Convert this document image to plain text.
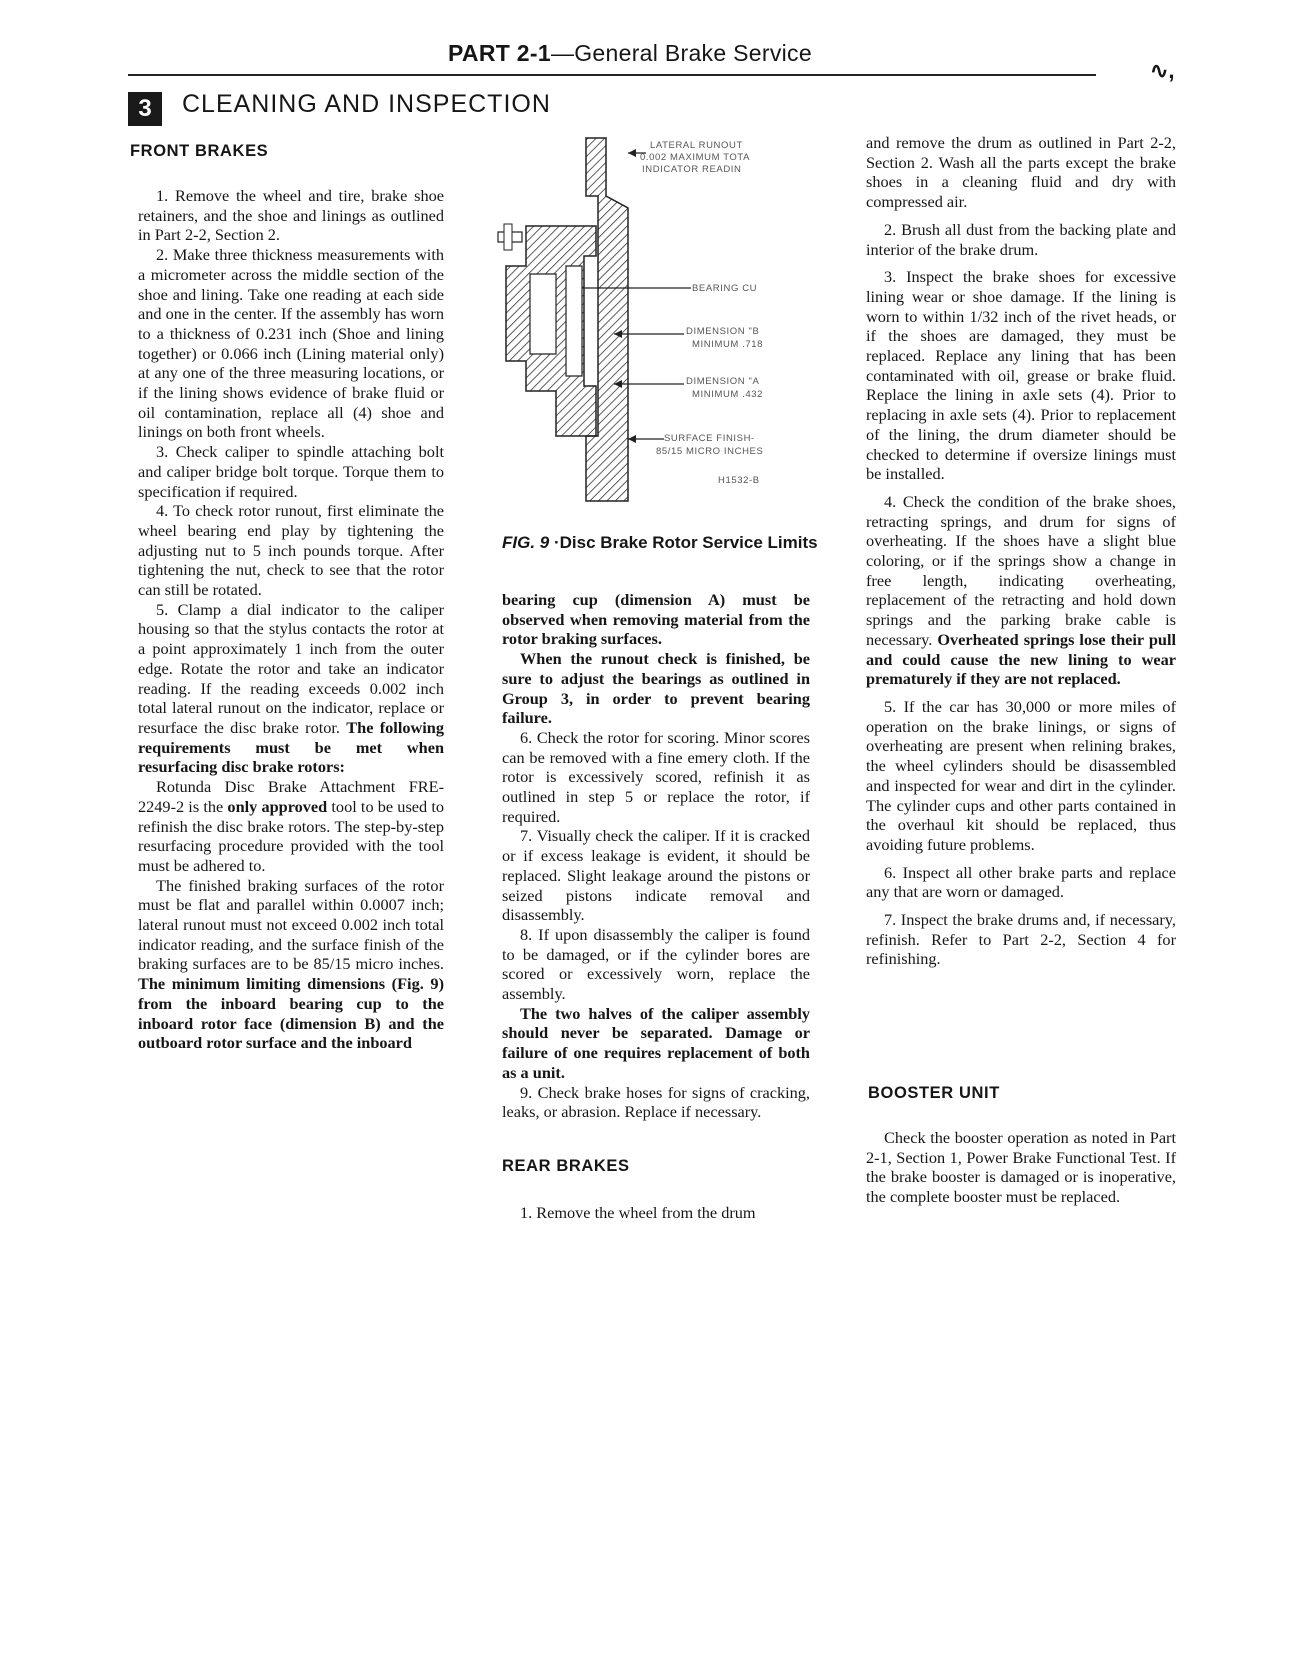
PART 2-1—General Brake Service
∿,
3	CLEANING AND INSPECTION
FRONT BRAKES

1. Remove the wheel and tire, brake shoe retainers, and the shoe and linings as outlined in Part 2-2, Section 2.

2. Make three thickness measurements with a micrometer across the middle section of the shoe and lining. Take one reading at each side and one in the center. If the assembly has worn to a thickness of 0.231 inch (Shoe and lining together) or 0.066 inch (Lining material only) at any one of the three measuring locations, or if the lining shows evidence of brake fluid or oil contamination, replace all (4) shoe and linings on both front wheels.

3. Check caliper to spindle attaching bolt and caliper bridge bolt torque. Torque them to specification if required.

4. To check rotor runout, first eliminate the wheel bearing end play by tightening the adjusting nut to 5 inch pounds torque. After tightening the nut, check to see that the rotor can still be rotated.

5. Clamp a dial indicator to the caliper housing so that the stylus contacts the rotor at a point approximately 1 inch from the outer edge. Rotate the rotor and take an indicator reading. If the reading exceeds 0.002 inch total lateral runout on the indicator, replace or resurface the disc brake rotor. The following requirements must be met when resurfacing disc brake rotors:

Rotunda Disc Brake Attachment FRE-2249-2 is the only approved tool to be used to refinish the disc brake rotors. The step-by-step resurfacing procedure provided with the tool must be adhered to.

The finished braking surfaces of the rotor must be flat and parallel within 0.0007 inch; lateral runout must not exceed 0.002 inch total indicator reading, and the surface finish of the braking surfaces are to be 85/15 micro inches. The minimum limiting dimensions (Fig. 9) from the inboard bearing cup to the inboard rotor face (dimension B) and the outboard rotor surface and the inboard

LATERAL RUNOUT
0.002 MAXIMUM TOTA
INDICATOR READIN
BEARING CU
DIMENSION "B
MINIMUM .718
DIMENSION "A
MINIMUM .432
SURFACE FINISH-
85/15 MICRO INCHES
H1532-B
FIG. 9 ·Disc Brake Rotor Service Limits

bearing cup (dimension A) must be observed when removing material from the rotor braking surfaces.

When the runout check is finished, be sure to adjust the bearings as outlined in Group 3, in order to prevent bearing failure.

6. Check the rotor for scoring. Minor scores can be removed with a fine emery cloth. If the rotor is excessively scored, refinish it as outlined in step 5 or replace the rotor, if required.

7. Visually check the caliper. If it is cracked or if excess leakage is evident, it should be replaced. Slight leakage around the pistons or seized pistons indicate removal and disassembly.

8. If upon disassembly the caliper is found to be damaged, or if the cylinder bores are scored or excessively worn, replace the assembly.

The two halves of the caliper assembly should never be separated. Damage or failure of one requires replacement of both as a unit.

9. Check brake hoses for signs of cracking, leaks, or abrasion. Replace if necessary.

REAR BRAKES

1. Remove the wheel from the drum

and remove the drum as outlined in Part 2-2, Section 2. Wash all the parts except the brake shoes in a cleaning fluid and dry with compressed air.

2. Brush all dust from the backing plate and interior of the brake drum.

3. Inspect the brake shoes for excessive lining wear or shoe damage. If the lining is worn to within 1/32 inch of the rivet heads, or if the shoes are damaged, they must be replaced. Replace any lining that has been contaminated with oil, grease or brake fluid. Replace the lining in axle sets (4). Prior to replacing in axle sets (4). Prior to replacement of the lining, the drum diameter should be checked to determine if oversize linings must be installed.

4. Check the condition of the brake shoes, retracting springs, and drum for signs of overheating. If the shoes have a slight blue coloring, or if the springs show a change in free length, indicating overheating, replacement of the retracting and hold down springs and the parking brake cable is necessary. Overheated springs lose their pull and could cause the new lining to wear prematurely if they are not replaced.

5. If the car has 30,000 or more miles of operation on the brake linings, or signs of overheating are present when relining brakes, the wheel cylinders should be disassembled and inspected for wear and dirt in the cylinder. The cylinder cups and other parts contained in the overhaul kit should be replaced, thus avoiding future problems.

6. Inspect all other brake parts and replace any that are worn or damaged.

7. Inspect the brake drums and, if necessary, refinish. Refer to Part 2-2, Section 4 for refinishing.

BOOSTER UNIT

Check the booster operation as noted in Part 2-1, Section 1, Power Brake Functional Test. If the brake booster is damaged or is inoperative, the complete booster must be replaced.
